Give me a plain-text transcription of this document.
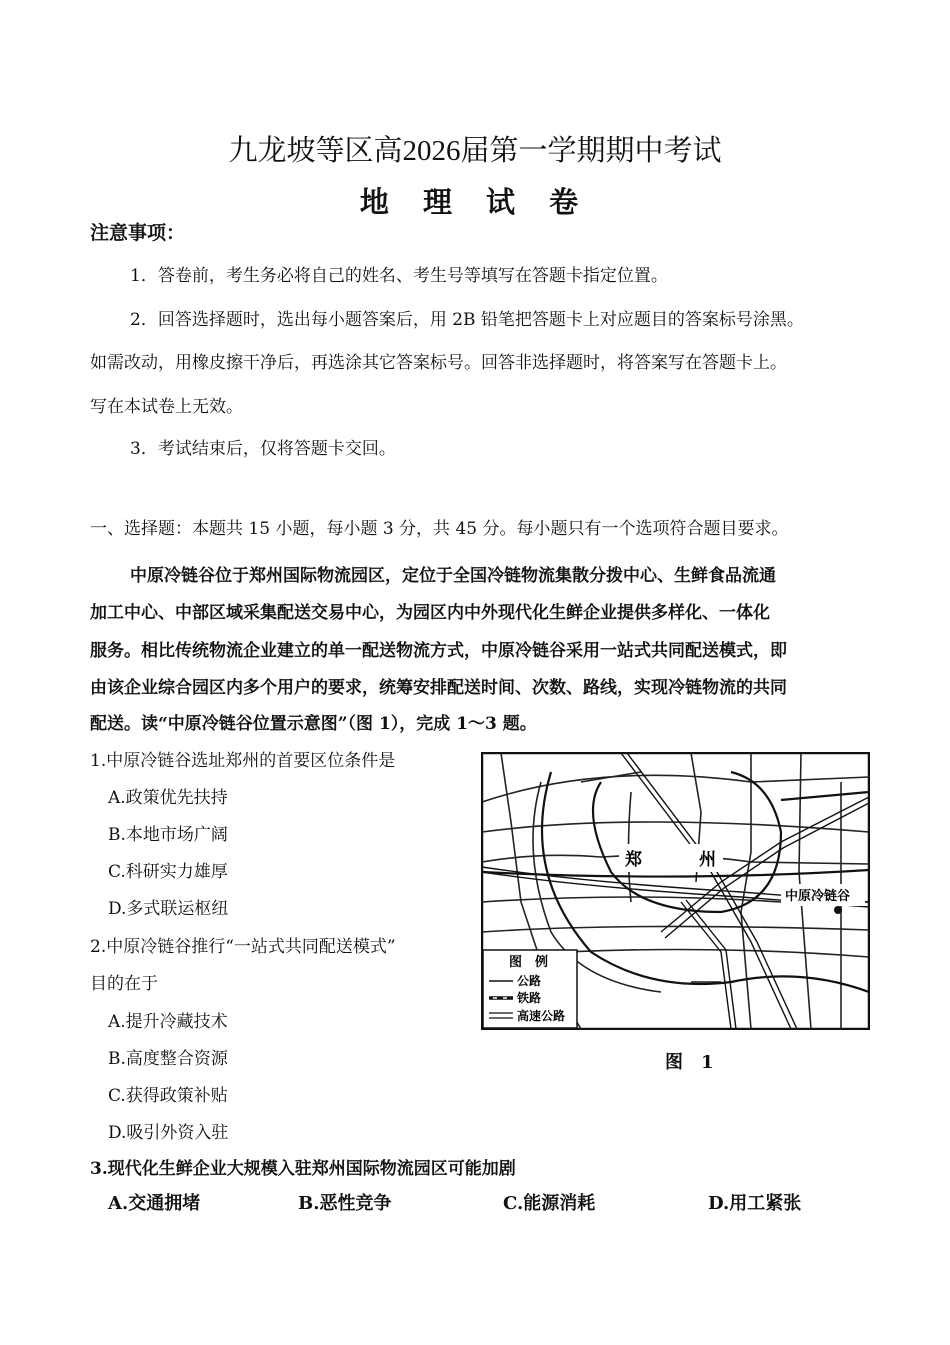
九龙坡等区高2026届第一学期期中考试
地 理 试 卷
注意事项：
1．答卷前，考生务必将自己的姓名、考生号等填写在答题卡指定位置。
2．回答选择题时，选出每小题答案后，用 2B 铅笔把答题卡上对应题目的答案标号涂黑。
如需改动，用橡皮擦干净后，再选涂其它答案标号。回答非选择题时，将答案写在答题卡上。
写在本试卷上无效。
3．考试结束后，仅将答题卡交回。
一、选择题：本题共 15 小题，每小题 3 分，共 45 分。每小题只有一个选项符合题目要求。
中原冷链谷位于郑州国际物流园区，定位于全国冷链物流集散分拨中心、生鲜食品流通
加工中心、中部区域采集配送交易中心，为园区内中外现代化生鲜企业提供多样化、一体化
服务。相比传统物流企业建立的单一配送物流方式，中原冷链谷采用一站式共同配送模式，即
由该企业综合园区内多个用户的要求，统筹安排配送时间、次数、路线，实现冷链物流的共同
配送。读“中原冷链谷位置示意图”（图 1），完成 1～3 题。
1.中原冷链谷选址郑州的首要区位条件是
A.政策优先扶持
B.本地市场广阔
C.科研实力雄厚
D.多式联运枢纽
2.中原冷链谷推行“一站式共同配送模式”
目的在于
A.提升冷藏技术
B.高度整合资源
C.获得政策补贴
D.吸引外资入驻
3.现代化生鲜企业大规模入驻郑州国际物流园区可能加剧
A.交通拥堵	B.恶性竞争	C.能源消耗	D.用工紧张
郑	州
中原冷链谷
图　例
公路
铁路
高速公路
图　1
